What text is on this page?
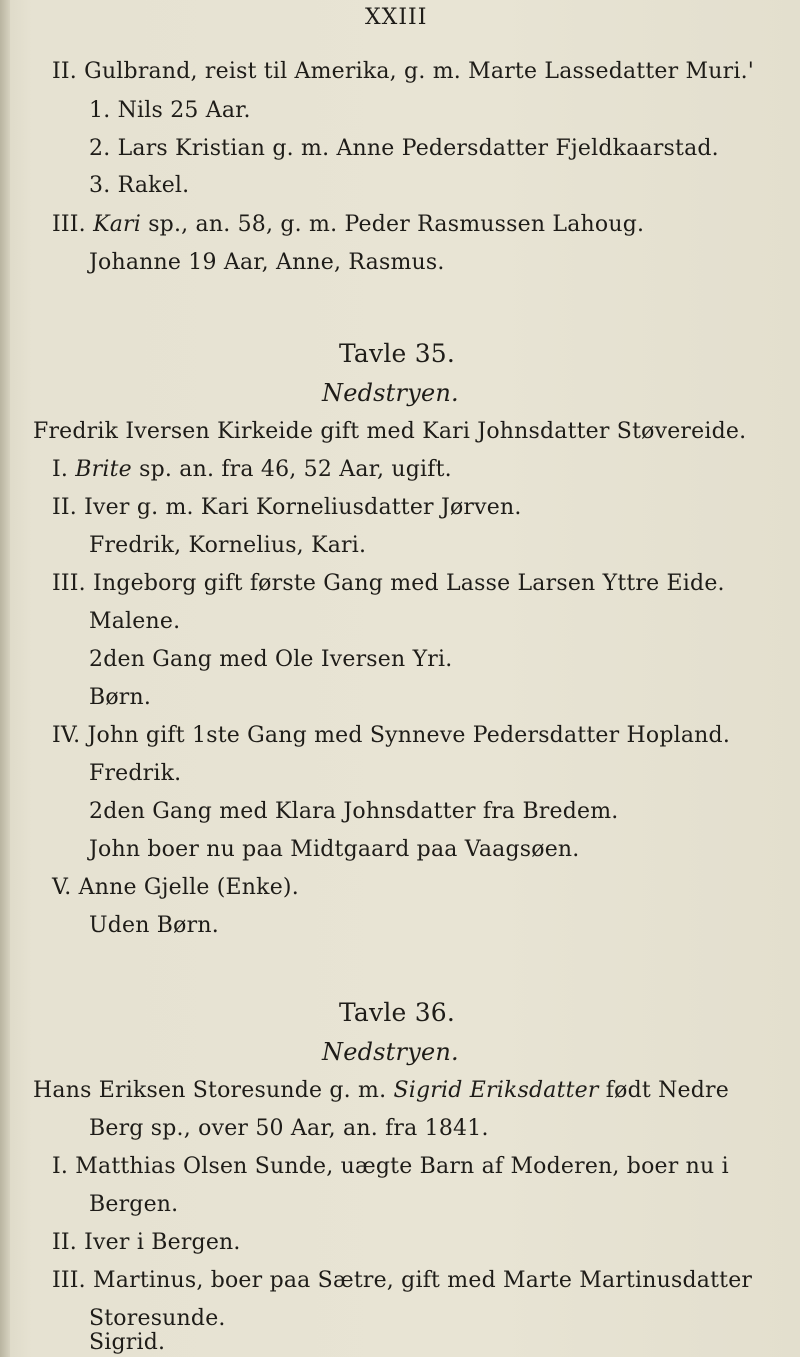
XXIII
II. Gulbrand, reist til Amerika, g. m. Marte Lassedatter Muri.'
1. Nils 25 Aar.
2. Lars Kristian g. m. Anne Pedersdatter Fjeldkaarstad.
3. Rakel.
III. Kari sp., an. 58, g. m. Peder Rasmussen Lahoug.
Johanne 19 Aar, Anne, Rasmus.
Tavle 35.
Nedstryen.
Fredrik Iversen Kirkeide gift med Kari Johnsdatter Støvereide.
I. Brite sp. an. fra 46, 52 Aar, ugift.
II. Iver g. m. Kari Korneliusdatter Jørven.
Fredrik, Kornelius, Kari.
III. Ingeborg gift første Gang med Lasse Larsen Yttre Eide.
Malene.
2den Gang med Ole Iversen Yri.
Børn.
IV. John gift 1ste Gang med Synneve Pedersdatter Hopland.
Fredrik.
2den Gang med Klara Johnsdatter fra Bredem.
John boer nu paa Midtgaard paa Vaagsøen.
V. Anne Gjelle (Enke).
Uden Børn.
Tavle 36.
Nedstryen.
Hans Eriksen Storesunde g. m. Sigrid Eriksdatter født Nedre
Berg sp., over 50 Aar, an. fra 1841.
I. Matthias Olsen Sunde, uægte Barn af Moderen, boer nu i
Bergen.
II. Iver i Bergen.
III. Martinus, boer paa Sætre, gift med Marte Martinusdatter
Storesunde.
Sigrid.
